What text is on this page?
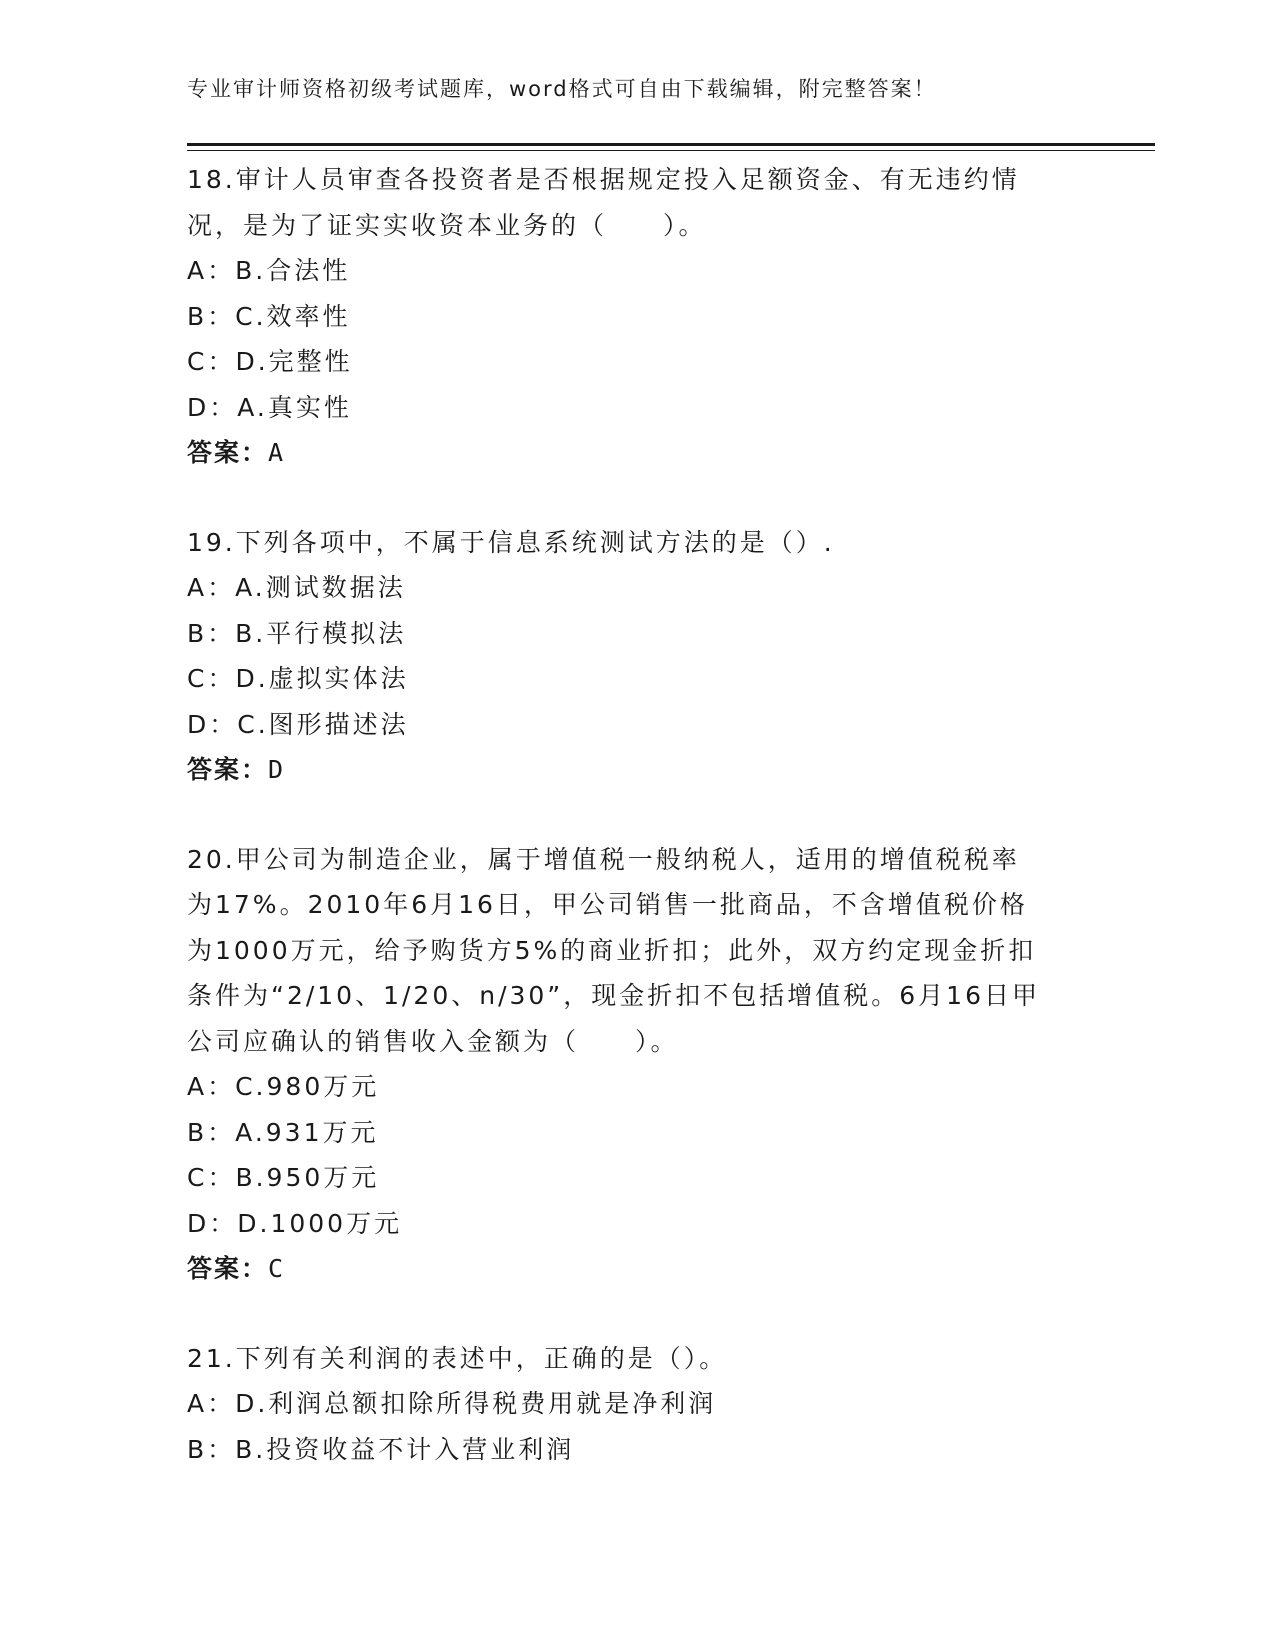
专业审计师资格初级考试题库，word格式可自由下载编辑，附完整答案！

18.审计人员审查各投资者是否根据规定投入足额资金、有无违约情况，是为了证实实收资本业务的（　　）。

A：B.合法性

B：C.效率性

C：D.完整性

D：A.真实性

答案：A

19.下列各项中，不属于信息系统测试方法的是（）.

A：A.测试数据法

B：B.平行模拟法

C：D.虚拟实体法

D：C.图形描述法

答案：D

20.甲公司为制造企业，属于增值税一般纳税人，适用的增值税税率为17%。2010年6月16日，甲公司销售一批商品，不含增值税价格为1000万元，给予购货方5%的商业折扣；此外，双方约定现金折扣条件为“2/10、1/20、n/30”，现金折扣不包括增值税。6月16日甲公司应确认的销售收入金额为（　　）。

A：C.980万元

B：A.931万元

C：B.950万元

D：D.1000万元

答案：C

21.下列有关利润的表述中，正确的是（）。

A：D.利润总额扣除所得税费用就是净利润

B：B.投资收益不计入营业利润
